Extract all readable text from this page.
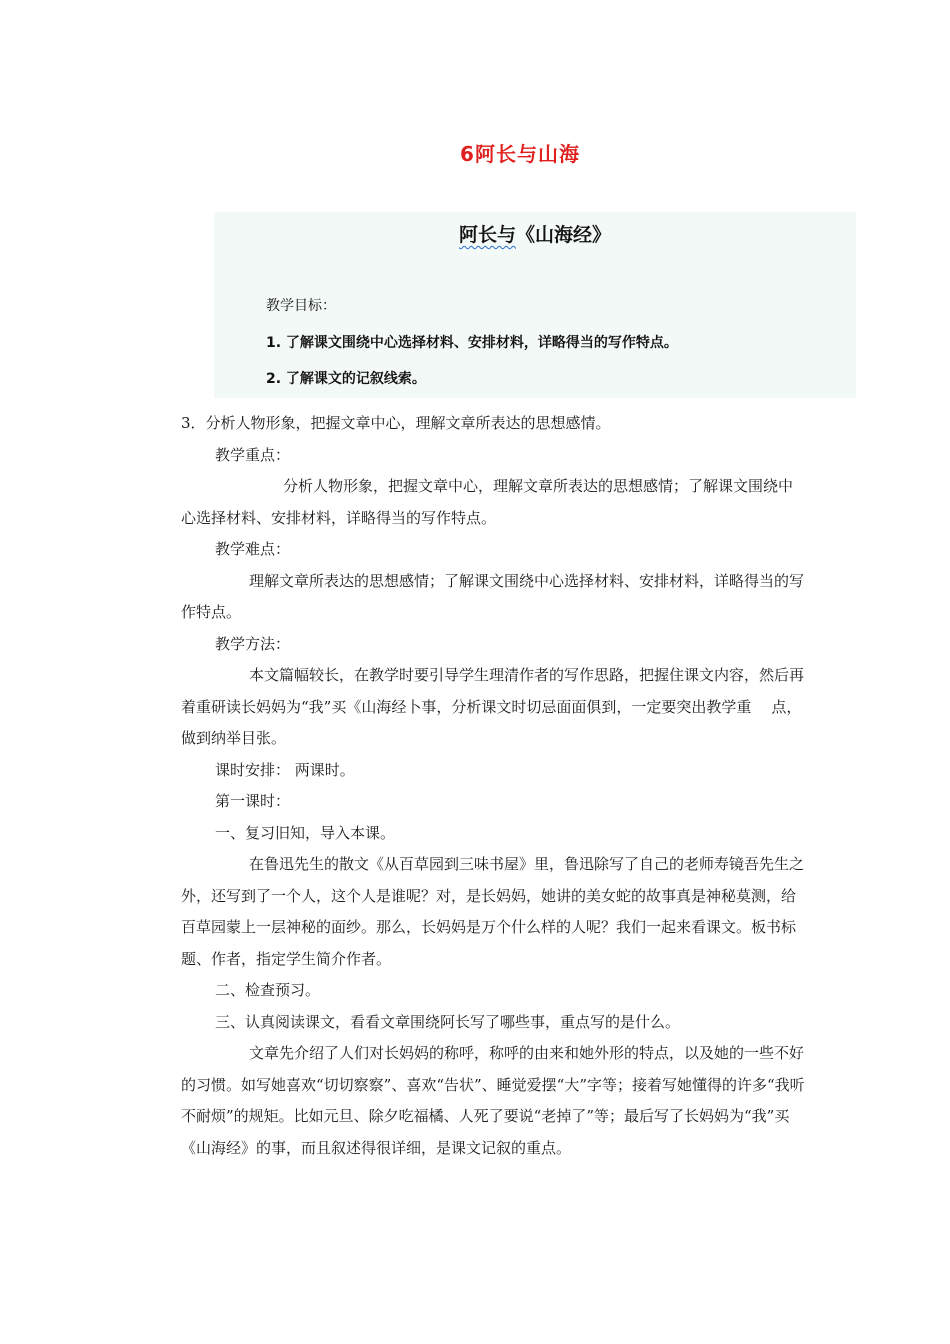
6阿长与山海
阿长与《山海经》
教学目标：
1. 了解课文围绕中心选择材料、安排材料，详略得当的写作特点。
2. 了解课文的记叙线索。

3．分析人物形象，把握文章中心，理解文章所表达的思想感情。

教学重点：

分析人物形象，把握文章中心，理解文章所表达的思想感情；了解课文围绕中心选择材料、安排材料，详略得当的写作特点。

教学难点：

理解文章所表达的思想感情；了解课文围绕中心选择材料、安排材料，详略得当的写作特点。

教学方法：

本文篇幅较长，在教学时要引导学生理清作者的写作思路，把握住课文内容，然后再着重研读长妈妈为“我”买《山海经卜事，分析课文时切忌面面俱到，一定要突出教学重 点，做到纳举目张。

课时安排： 两课时。

第一课时：

一、复习旧知，导入本课。

在鲁迅先生的散文《从百草园到三味书屋》里，鲁迅除写了自己的老师寿镜吾先生之外，还写到了一个人，这个人是谁呢？对，是长妈妈，她讲的美女蛇的故事真是神秘莫测，给百草园蒙上一层神秘的面纱。那么，长妈妈是万个什么样的人呢？我们一起来看课文。板书标题、作者，指定学生简介作者。

二、检查预习。

三、认真阅读课文，看看文章围绕阿长写了哪些事，重点写的是什么。

文章先介绍了人们对长妈妈的称呼，称呼的由来和她外形的特点，以及她的一些不好的习惯。如写她喜欢“切切察察”、喜欢“告状”、睡觉爱摆“大”字等；接着写她懂得的许多“我听不耐烦”的规矩。比如元旦、除夕吃福橘、人死了要说“老掉了”等；最后写了长妈妈为“我”买《山海经》的事，而且叙述得很详细，是课文记叙的重点。
